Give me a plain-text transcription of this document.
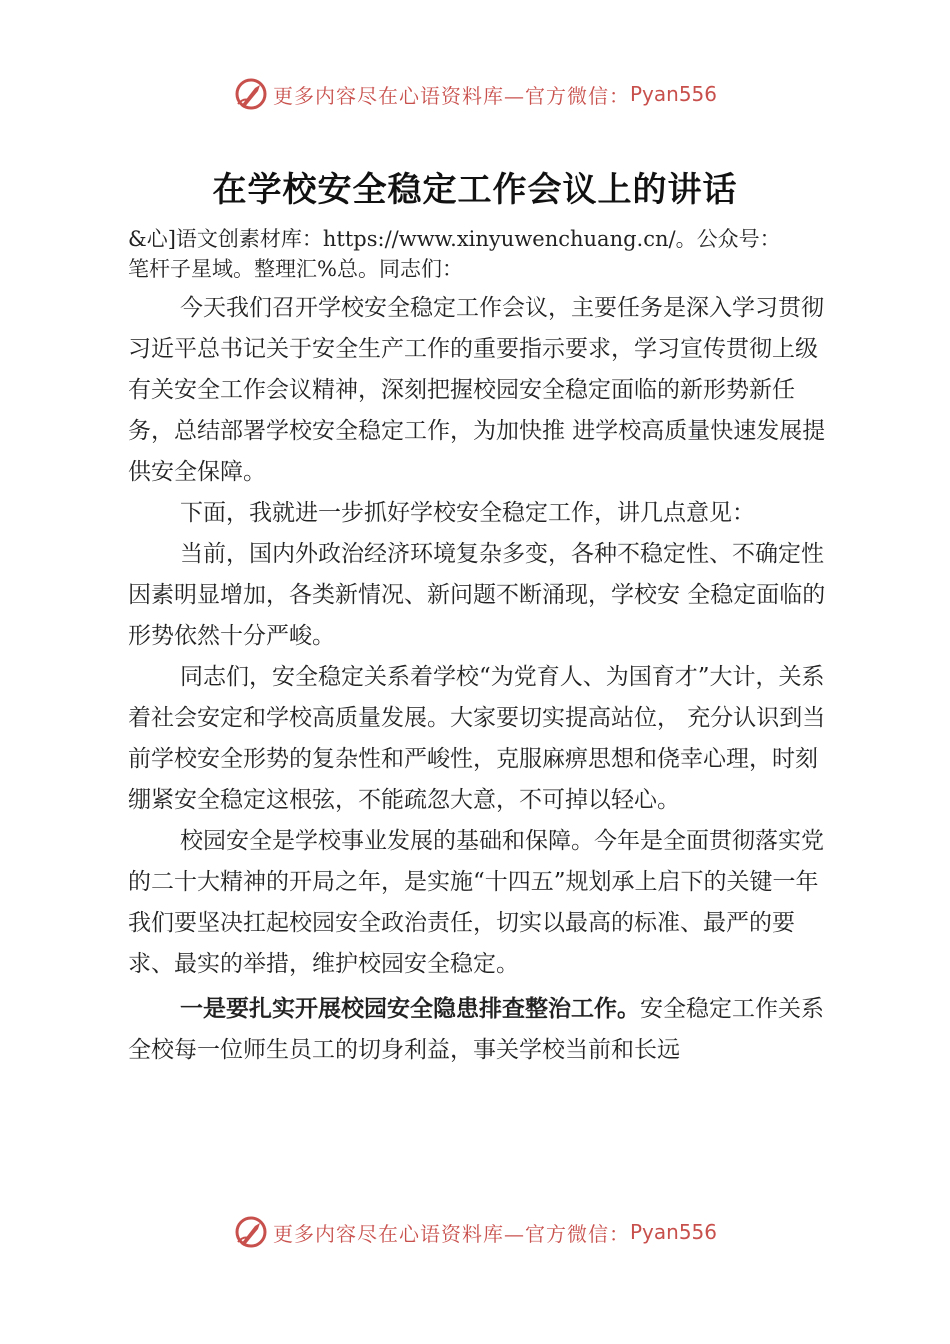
更多内容尽在心语资料库—官方微信： Pyan556
在学校安全稳定工作会议上的讲话
&心]语文创素材库：https://www.xinyuwenchuang.cn/。公众号：
笔杆子星域。整理汇%总。同志们：

今天我们召开学校安全稳定工作会议，主要任务是深入学习贯彻习近平总书记关于安全生产工作的重要指示要求，学习宣传贯彻上级有关安全工作会议精神，深刻把握校园安全稳定面临的新形势新任务，总结部署学校安全稳定工作，为加快推 进学校高质量快速发展提供安全保障。

下面，我就进一步抓好学校安全稳定工作，讲几点意见：

当前，国内外政治经济环境复杂多变，各种不稳定性、不确定性因素明显增加，各类新情况、新问题不断涌现，学校安 全稳定面临的形势依然十分严峻。

同志们，安全稳定关系着学校“为党育人、为国育才”大计，关系着社会安定和学校高质量发展。大家要切实提高站位， 充分认识到当前学校安全形势的复杂性和严峻性，克服麻痹思想和侥幸心理，时刻绷紧安全稳定这根弦，不能疏忽大意，不可掉以轻心。

校园安全是学校事业发展的基础和保障。今年是全面贯彻落实党的二十大精神的开局之年，是实施“十四五”规划承上启下的关键一年我们要坚决扛起校园安全政治责任，切实以最高的标准、最严的要求、最实的举措，维护校园安全稳定。

一是要扎实开展校园安全隐患排查整治工作。安全稳定工作关系全校每一位师生员工的切身利益，事关学校当前和长远

更多内容尽在心语资料库—官方微信： Pyan556
